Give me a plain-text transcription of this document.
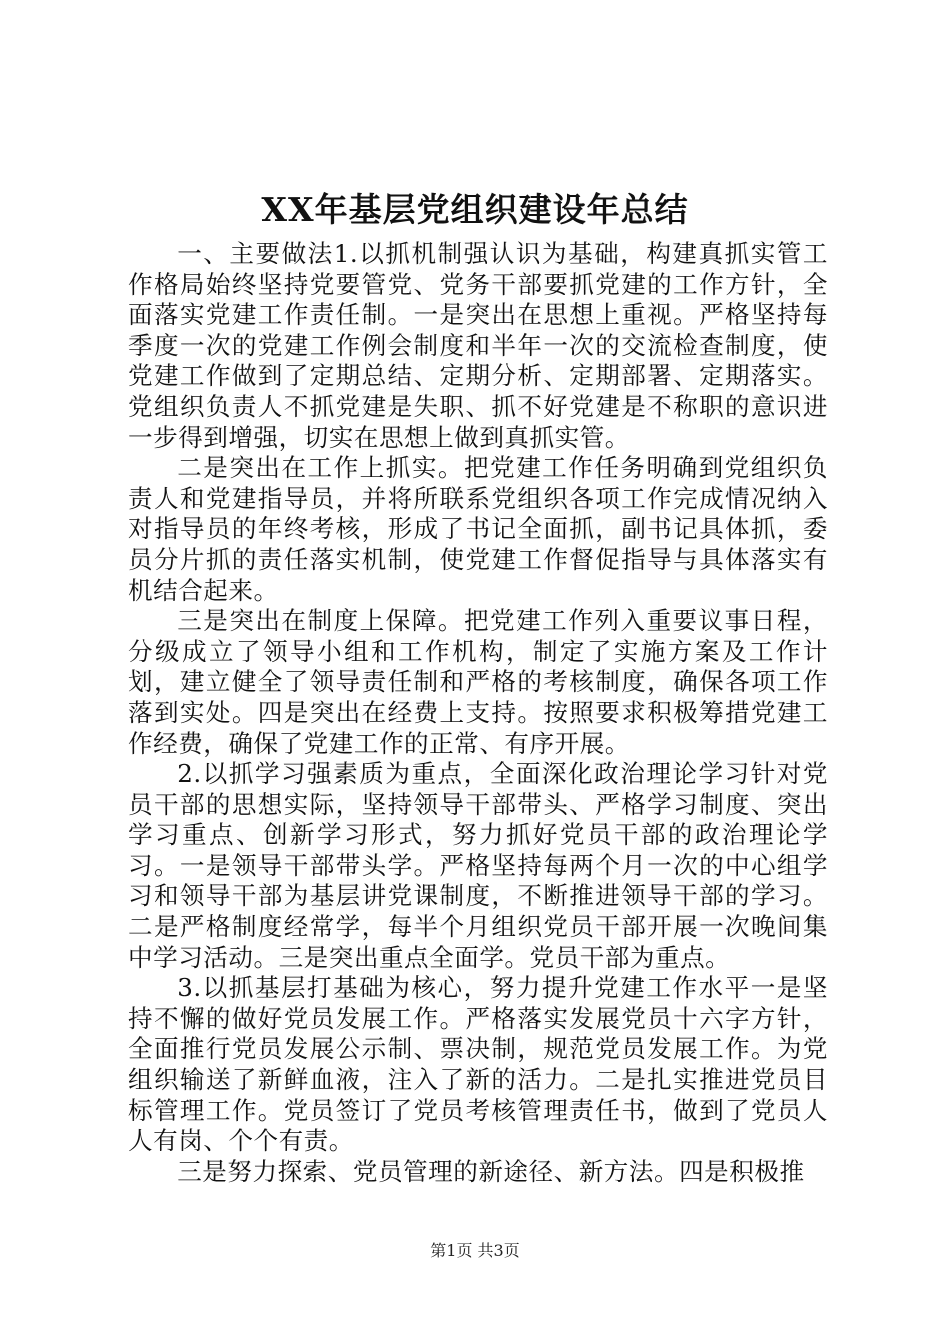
XX年基层党组织建设年总结

一、主要做法1.以抓机制强认识为基础，构建真抓实管工作格局始终坚持党要管党、党务干部要抓党建的工作方针，全面落实党建工作责任制。一是突出在思想上重视。严格坚持每季度一次的党建工作例会制度和半年一次的交流检查制度，使党建工作做到了定期总结、定期分析、定期部署、定期落实。党组织负责人不抓党建是失职、抓不好党建是不称职的意识进一步得到增强，切实在思想上做到真抓实管。

二是突出在工作上抓实。把党建工作任务明确到党组织负责人和党建指导员，并将所联系党组织各项工作完成情况纳入对指导员的年终考核，形成了书记全面抓，副书记具体抓，委员分片抓的责任落实机制，使党建工作督促指导与具体落实有机结合起来。

三是突出在制度上保障。把党建工作列入重要议事日程，分级成立了领导小组和工作机构，制定了实施方案及工作计划，建立健全了领导责任制和严格的考核制度，确保各项工作落到实处。四是突出在经费上支持。按照要求积极筹措党建工作经费，确保了党建工作的正常、有序开展。

2.以抓学习强素质为重点，全面深化政治理论学习针对党员干部的思想实际，坚持领导干部带头、严格学习制度、突出学习重点、创新学习形式，努力抓好党员干部的政治理论学习。一是领导干部带头学。严格坚持每两个月一次的中心组学习和领导干部为基层讲党课制度，不断推进领导干部的学习。二是严格制度经常学，每半个月组织党员干部开展一次晚间集中学习活动。三是突出重点全面学。党员干部为重点。

3.以抓基层打基础为核心，努力提升党建工作水平一是坚持不懈的做好党员发展工作。严格落实发展党员十六字方针，全面推行党员发展公示制、票决制，规范党员发展工作。为党组织输送了新鲜血液，注入了新的活力。二是扎实推进党员目标管理工作。党员签订了党员考核管理责任书，做到了党员人人有岗、个个有责。

三是努力探索、党员管理的新途径、新方法。四是积极推

第1页 共3页
